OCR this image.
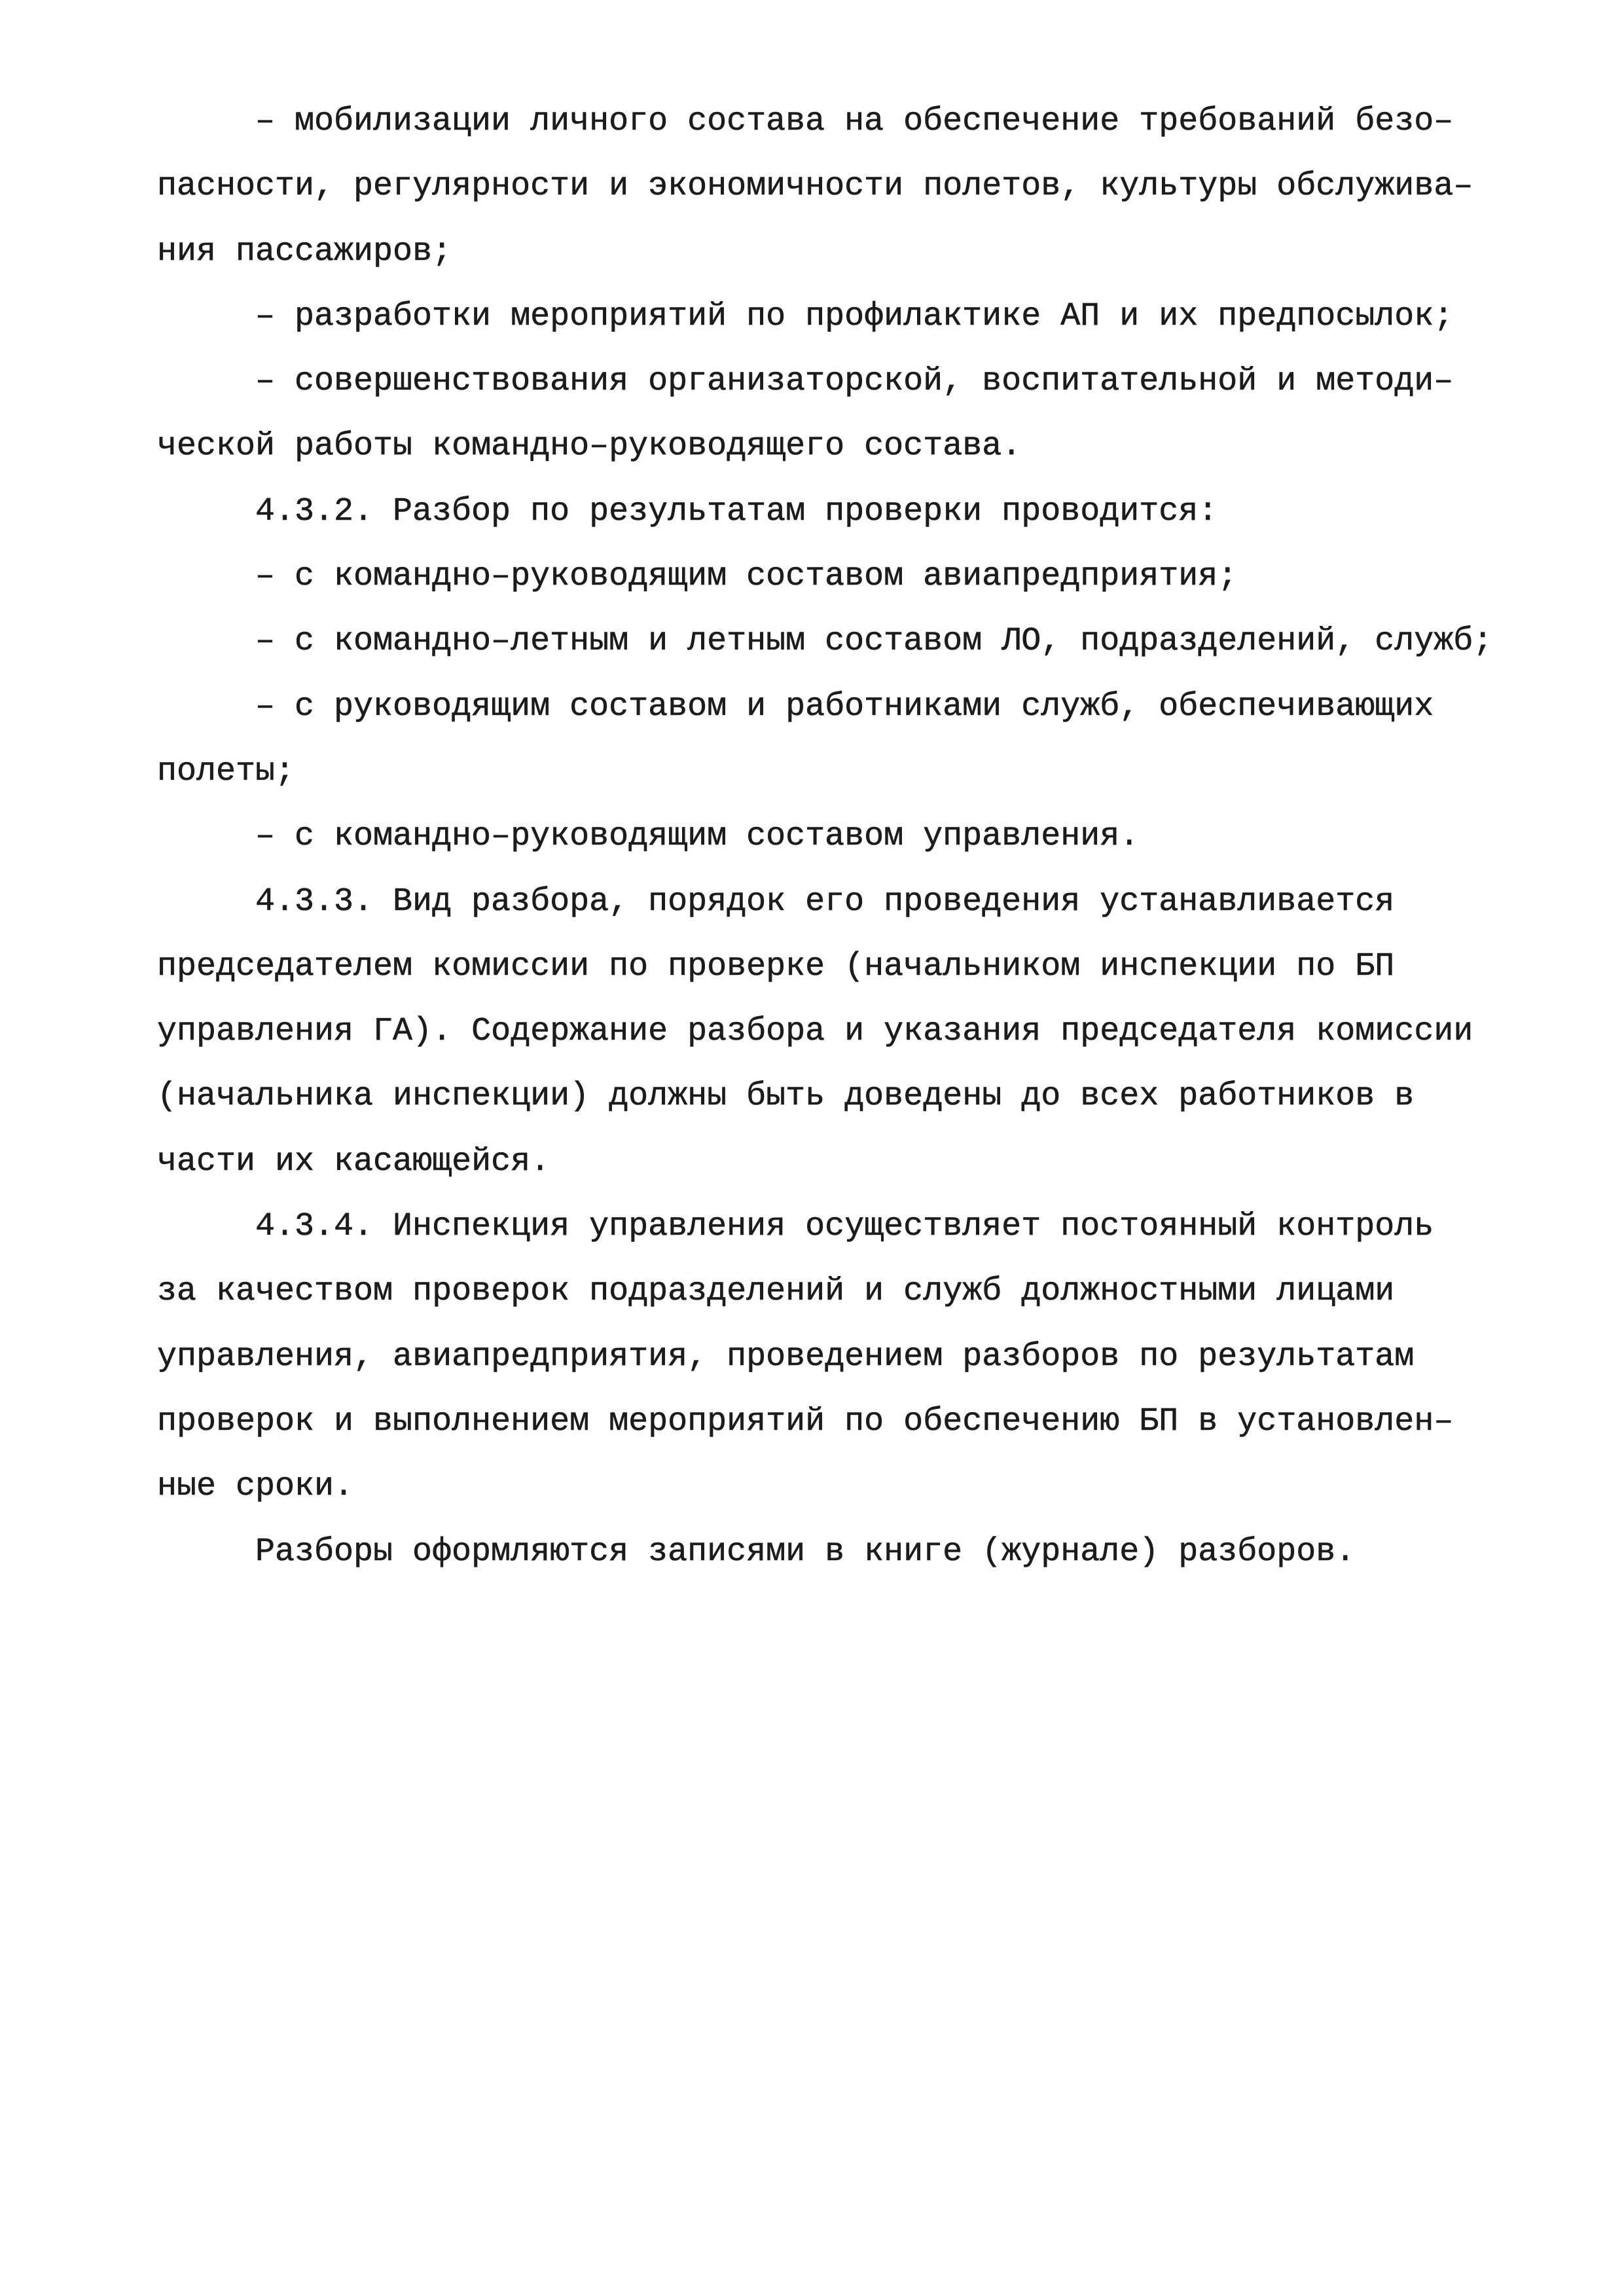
– мобилизации личного состава на обеспечение требований безо–
пасности, регулярности и экономичности полетов, культуры обслужива–
ния пассажиров;
– разработки мероприятий по профилактике АП и их предпосылок;
– совершенствования организаторской, воспитательной и методи–
ческой работы командно–руководящего состава.
4.3.2. Разбор по результатам проверки проводится:
– с командно–руководящим составом авиапредприятия;
– с командно–летным и летным составом ЛО, подразделений, служб;
– с руководящим составом и работниками служб, обеспечивающих
полеты;
– с командно–руководящим составом управления.
4.3.3. Вид разбора, порядок его проведения устанавливается
председателем комиссии по проверке (начальником инспекции по БП
управления ГА). Содержание разбора и указания председателя комиссии
(начальника инспекции) должны быть доведены до всех работников в
части их касающейся.
4.3.4. Инспекция управления осуществляет постоянный контроль
за качеством проверок подразделений и служб должностными лицами
управления, авиапредприятия, проведением разборов по результатам
проверок и выполнением мероприятий по обеспечению БП в установлен–
ные сроки.
Разборы оформляются записями в книге (журнале) разборов.
